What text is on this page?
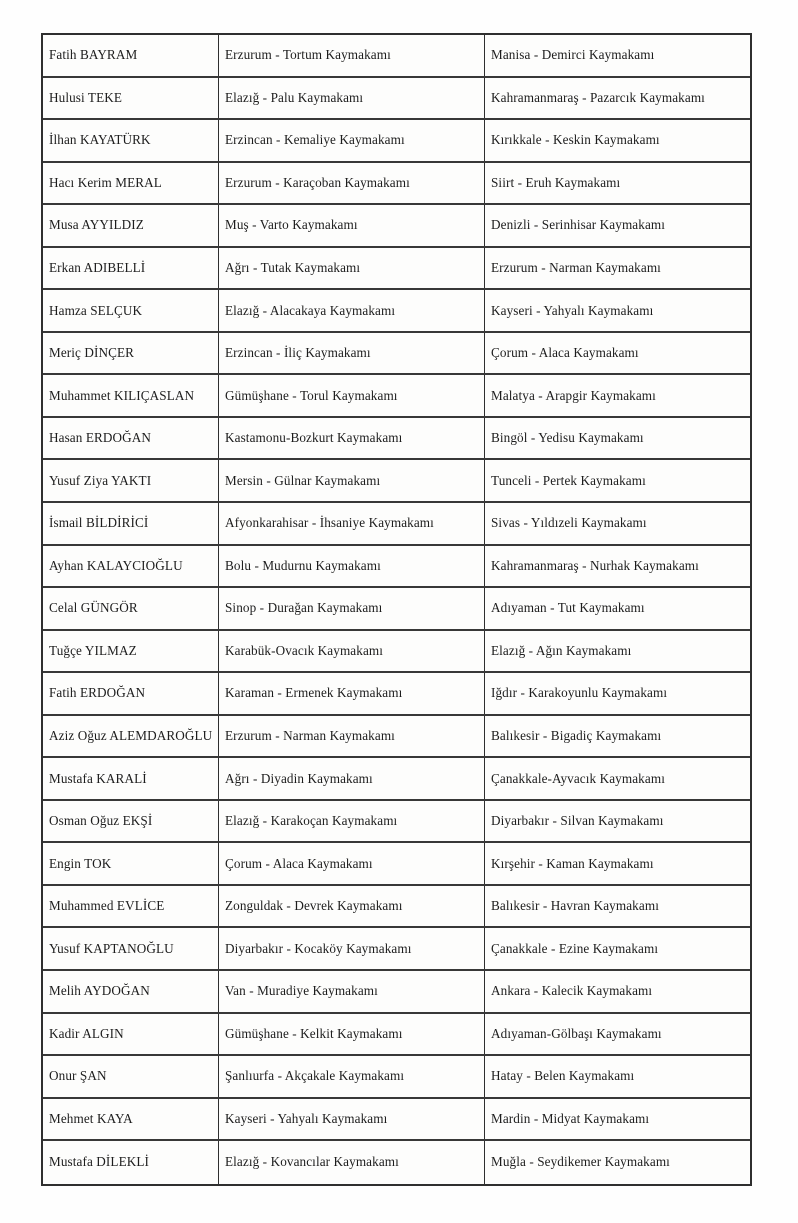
Fatih BAYRAM	Erzurum - Tortum Kaymakamı	Manisa - Demirci Kaymakamı
Hulusi TEKE	Elazığ - Palu Kaymakamı	Kahramanmaraş - Pazarcık Kaymakamı
İlhan KAYATÜRK	Erzincan - Kemaliye Kaymakamı	Kırıkkale - Keskin Kaymakamı
Hacı Kerim MERAL	Erzurum - Karaçoban Kaymakamı	Siirt - Eruh Kaymakamı
Musa AYYILDIZ	Muş - Varto Kaymakamı	Denizli - Serinhisar Kaymakamı
Erkan ADIBELLİ	Ağrı - Tutak Kaymakamı	Erzurum - Narman Kaymakamı
Hamza SELÇUK	Elazığ - Alacakaya Kaymakamı	Kayseri - Yahyalı Kaymakamı
Meriç DİNÇER	Erzincan - İliç Kaymakamı	Çorum - Alaca Kaymakamı
Muhammet KILIÇASLAN	Gümüşhane - Torul Kaymakamı	Malatya - Arapgir Kaymakamı
Hasan ERDOĞAN	Kastamonu-Bozkurt Kaymakamı	Bingöl - Yedisu Kaymakamı
Yusuf Ziya YAKTI	Mersin - Gülnar Kaymakamı	Tunceli - Pertek Kaymakamı
İsmail BİLDİRİCİ	Afyonkarahisar - İhsaniye Kaymakamı	Sivas - Yıldızeli Kaymakamı
Ayhan KALAYCIOĞLU	Bolu - Mudurnu Kaymakamı	Kahramanmaraş - Nurhak Kaymakamı
Celal GÜNGÖR	Sinop - Durağan Kaymakamı	Adıyaman - Tut Kaymakamı
Tuğçe YILMAZ	Karabük-Ovacık Kaymakamı	Elazığ - Ağın Kaymakamı
Fatih ERDOĞAN	Karaman - Ermenek Kaymakamı	Iğdır - Karakoyunlu Kaymakamı
Aziz Oğuz ALEMDAROĞLU Erzurum - Narman Kaymakamı	Balıkesir - Bigadiç Kaymakamı
Mustafa KARALİ	Ağrı - Diyadin Kaymakamı	Çanakkale-Ayvacık Kaymakamı
Osman Oğuz EKŞİ	Elazığ - Karakoçan Kaymakamı	Diyarbakır - Silvan Kaymakamı
Engin TOK	Çorum - Alaca Kaymakamı	Kırşehir - Kaman Kaymakamı
Muhammed EVLİCE	Zonguldak - Devrek Kaymakamı	Balıkesir - Havran Kaymakamı
Yusuf KAPTANOĞLU	Diyarbakır - Kocaköy Kaymakamı	Çanakkale - Ezine Kaymakamı
Melih AYDOĞAN	Van - Muradiye Kaymakamı	Ankara - Kalecik Kaymakamı
Kadir ALGIN	Gümüşhane - Kelkit Kaymakamı	Adıyaman-Gölbaşı Kaymakamı
Onur ŞAN	Şanlıurfa - Akçakale Kaymakamı	Hatay - Belen Kaymakamı
Mehmet KAYA	Kayseri - Yahyalı Kaymakamı	Mardin - Midyat Kaymakamı
Mustafa DİLEKLİ	Elazığ - Kovancılar Kaymakamı	Muğla - Seydikemer Kaymakamı
